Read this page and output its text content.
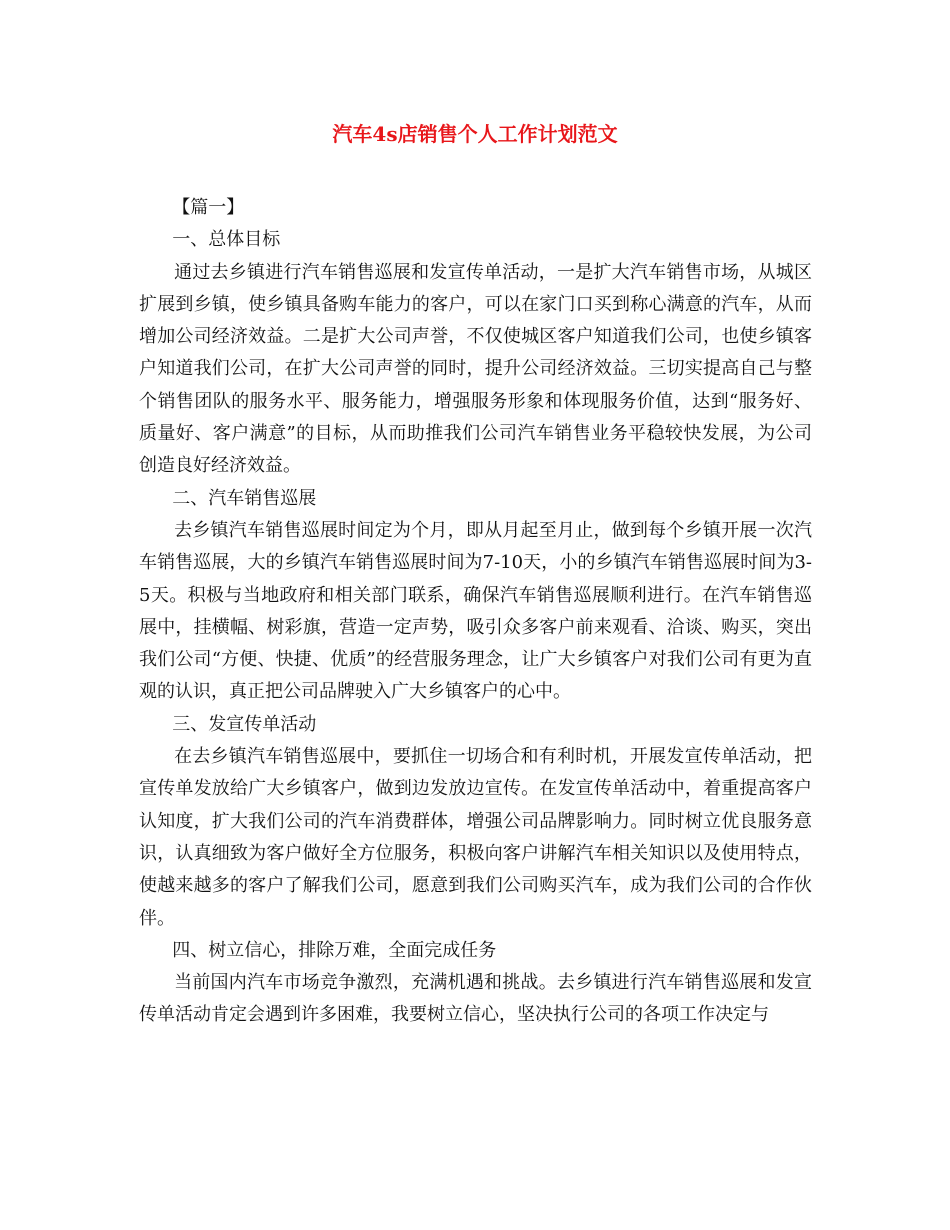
汽车4s店销售个人工作计划范文

【篇一】

一、总体目标

通过去乡镇进行汽车销售巡展和发宣传单活动，一是扩大汽车销售市场，从城区扩展到乡镇，使乡镇具备购车能力的客户，可以在家门口买到称心满意的汽车，从而增加公司经济效益。二是扩大公司声誉，不仅使城区客户知道我们公司，也使乡镇客户知道我们公司，在扩大公司声誉的同时，提升公司经济效益。三切实提高自己与整个销售团队的服务水平、服务能力，增强服务形象和体现服务价值，达到“服务好、质量好、客户满意”的目标，从而助推我们公司汽车销售业务平稳较快发展，为公司创造良好经济效益。

二、汽车销售巡展

去乡镇汽车销售巡展时间定为个月，即从月起至月止，做到每个乡镇开展一次汽车销售巡展，大的乡镇汽车销售巡展时间为7-10天，小的乡镇汽车销售巡展时间为3-5天。积极与当地政府和相关部门联系，确保汽车销售巡展顺利进行。在汽车销售巡展中，挂横幅、树彩旗，营造一定声势，吸引众多客户前来观看、洽谈、购买，突出我们公司“方便、快捷、优质”的经营服务理念，让广大乡镇客户对我们公司有更为直观的认识，真正把公司品牌驶入广大乡镇客户的心中。

三、发宣传单活动

在去乡镇汽车销售巡展中，要抓住一切场合和有利时机，开展发宣传单活动，把宣传单发放给广大乡镇客户，做到边发放边宣传。在发宣传单活动中，着重提高客户认知度，扩大我们公司的汽车消费群体，增强公司品牌影响力。同时树立优良服务意识，认真细致为客户做好全方位服务，积极向客户讲解汽车相关知识以及使用特点，使越来越多的客户了解我们公司，愿意到我们公司购买汽车，成为我们公司的合作伙伴。

四、树立信心，排除万难，全面完成任务

当前国内汽车市场竞争激烈，充满机遇和挑战。去乡镇进行汽车销售巡展和发宣传单活动肯定会遇到许多困难，我要树立信心，坚决执行公司的各项工作决定与
